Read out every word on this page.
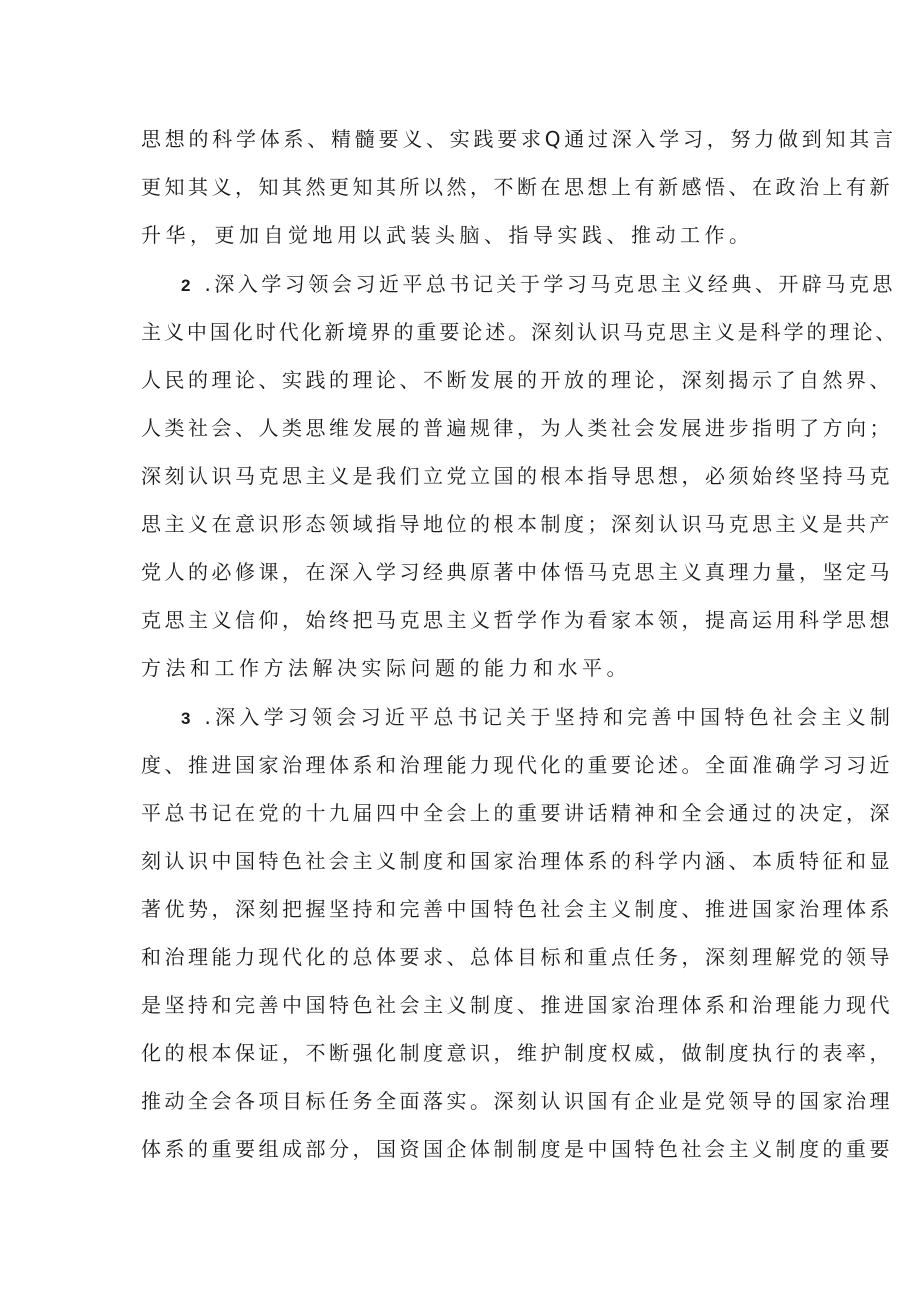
思想的科学体系、精髓要义、实践要求Q通过深入学习，努力做到知其言

更知其义，知其然更知其所以然，不断在思想上有新感悟、在政治上有新

升华，更加自觉地用以武装头脑、指导实践、推动工作。

2 .深入学习领会习近平总书记关于学习马克思主义经典、开辟马克思

主义中国化时代化新境界的重要论述。深刻认识马克思主义是科学的理论、

人民的理论、实践的理论、不断发展的开放的理论，深刻揭示了自然界、

人类社会、人类思维发展的普遍规律，为人类社会发展进步指明了方向；

深刻认识马克思主义是我们立党立国的根本指导思想，必须始终坚持马克

思主义在意识形态领域指导地位的根本制度；深刻认识马克思主义是共产

党人的必修课，在深入学习经典原著中体悟马克思主义真理力量，坚定马

克思主义信仰，始终把马克思主义哲学作为看家本领，提高运用科学思想

方法和工作方法解决实际问题的能力和水平。

3 .深入学习领会习近平总书记关于坚持和完善中国特色社会主义制

度、推进国家治理体系和治理能力现代化的重要论述。全面准确学习习近

平总书记在党的十九届四中全会上的重要讲话精神和全会通过的决定，深

刻认识中国特色社会主义制度和国家治理体系的科学内涵、本质特征和显

著优势，深刻把握坚持和完善中国特色社会主义制度、推进国家治理体系

和治理能力现代化的总体要求、总体目标和重点任务，深刻理解党的领导

是坚持和完善中国特色社会主义制度、推进国家治理体系和治理能力现代

化的根本保证，不断强化制度意识，维护制度权威，做制度执行的表率，

推动全会各项目标任务全面落实。深刻认识国有企业是党领导的国家治理

体系的重要组成部分，国资国企体制制度是中国特色社会主义制度的重要
